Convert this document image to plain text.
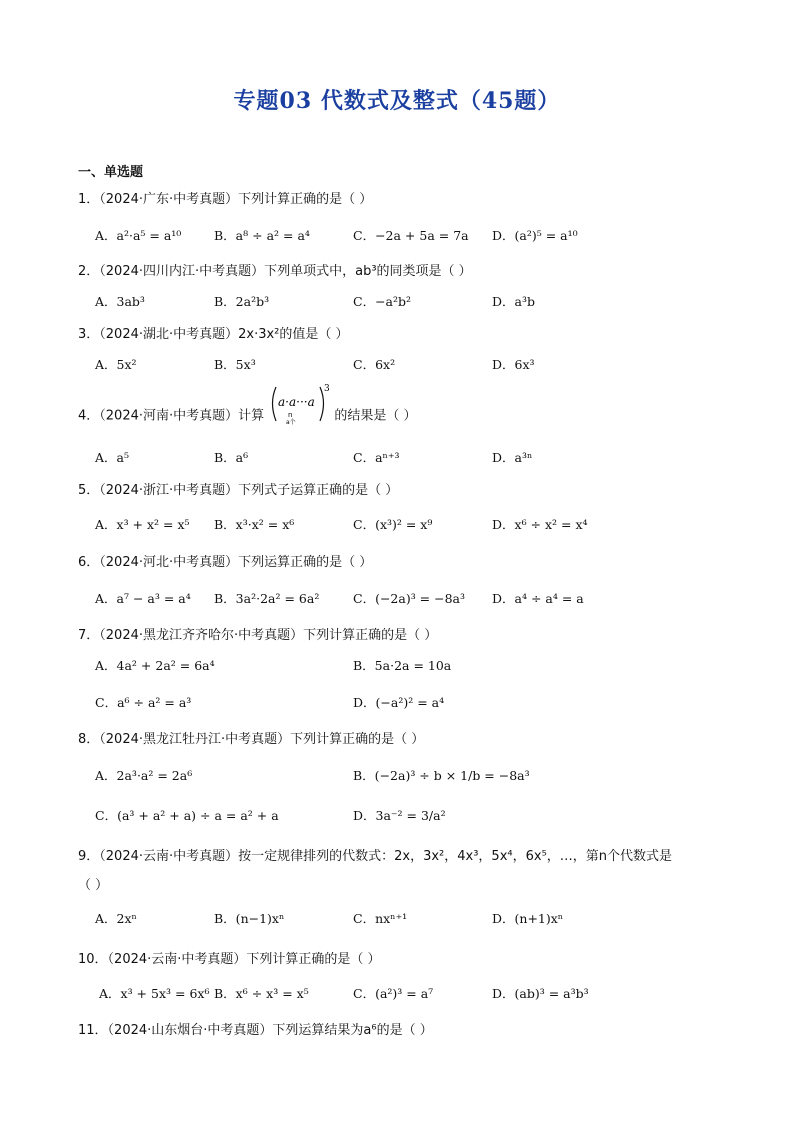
专题03 代数式及整式（45题）
一、单选题
1．（2024·广东·中考真题）下列计算正确的是（ ）
A．a²·a⁵ = a¹⁰	B．a⁸ ÷ a² = a⁴	C．−2a + 5a = 7a D．(a²)⁵ = a¹⁰
2．（2024·四川内江·中考真题）下列单项式中，ab³的同类项是（ ）
A．3ab³	B．2a²b³	C．−a²b²	D．a³b
3．（2024·湖北·中考真题）2x·3x²的值是（ ）
A．5x²	B．5x³	C．6x²	D．6x³
4．（2024·河南·中考真题）计算
a·a···a
n
a个
3
的结果是（ ）
A．a⁵	B．a⁶	C．aⁿ⁺³	D．a³ⁿ
5．（2024·浙江·中考真题）下列式子运算正确的是（ ）
A．x³ + x² = x⁵ B．x³·x² = x⁶	C．(x³)² = x⁹	D．x⁶ ÷ x² = x⁴
6．（2024·河北·中考真题）下列运算正确的是（ ）
A．a⁷ − a³ = a⁴ B．3a²·2a² = 6a²	C．(−2a)³ = −8a³ D．a⁴ ÷ a⁴ = a
7．（2024·黑龙江齐齐哈尔·中考真题）下列计算正确的是（ ）
A．4a² + 2a² = 6a⁴	B．5a·2a = 10a
C．a⁶ ÷ a² = a³	D．(−a²)² = a⁴
8．（2024·黑龙江牡丹江·中考真题）下列计算正确的是（ ）
A．2a³·a² = 2a⁶	B．(−2a)³ ÷ b × 1/b = −8a³
C．(a³ + a² + a) ÷ a = a² + a	D．3a⁻² = 3/a²
9．（2024·云南·中考真题）按一定规律排列的代数式：2x，3x²，4x³，5x⁴，6x⁵，…，第n个代数式是
（ ）
A．2xⁿ	B．(n−1)xⁿ	C．nxⁿ⁺¹	D．(n+1)xⁿ
10．（2024·云南·中考真题）下列计算正确的是（ ）
A．x³ + 5x³ = 6x⁶ B．x⁶ ÷ x³ = x⁵	C．(a²)³ = a⁷	D．(ab)³ = a³b³
11．（2024·山东烟台·中考真题）下列运算结果为a⁶的是（ ）
